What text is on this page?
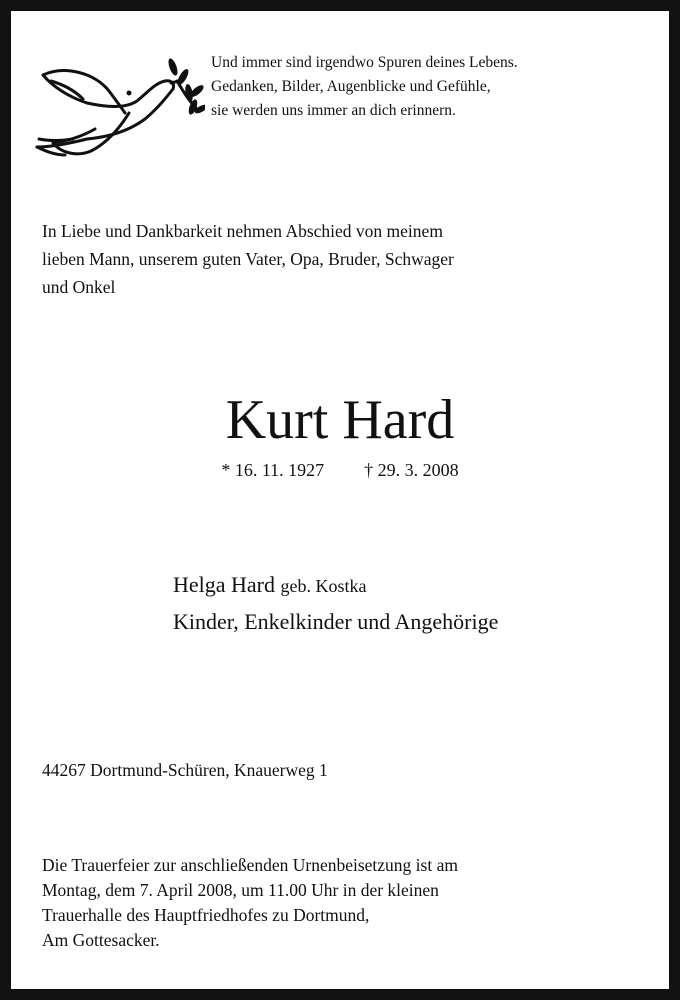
Und immer sind irgendwo Spuren deines Lebens.
Gedanken, Bilder, Augenblicke und Gefühle,
sie werden uns immer an dich erinnern.
In Liebe und Dankbarkeit nehmen Abschied von meinem
lieben Mann, unserem guten Vater, Opa, Bruder, Schwager
und Onkel
Kurt Hard
* 16. 11. 1927 † 29. 3. 2008
Helga Hard geb. Kostka
Kinder, Enkelkinder und Angehörige
44267 Dortmund-Schüren, Knauerweg 1
Die Trauerfeier zur anschließenden Urnenbeisetzung ist am
Montag, dem 7. April 2008, um 11.00 Uhr in der kleinen
Trauerhalle des Hauptfriedhofes zu Dortmund,
Am Gottesacker.
